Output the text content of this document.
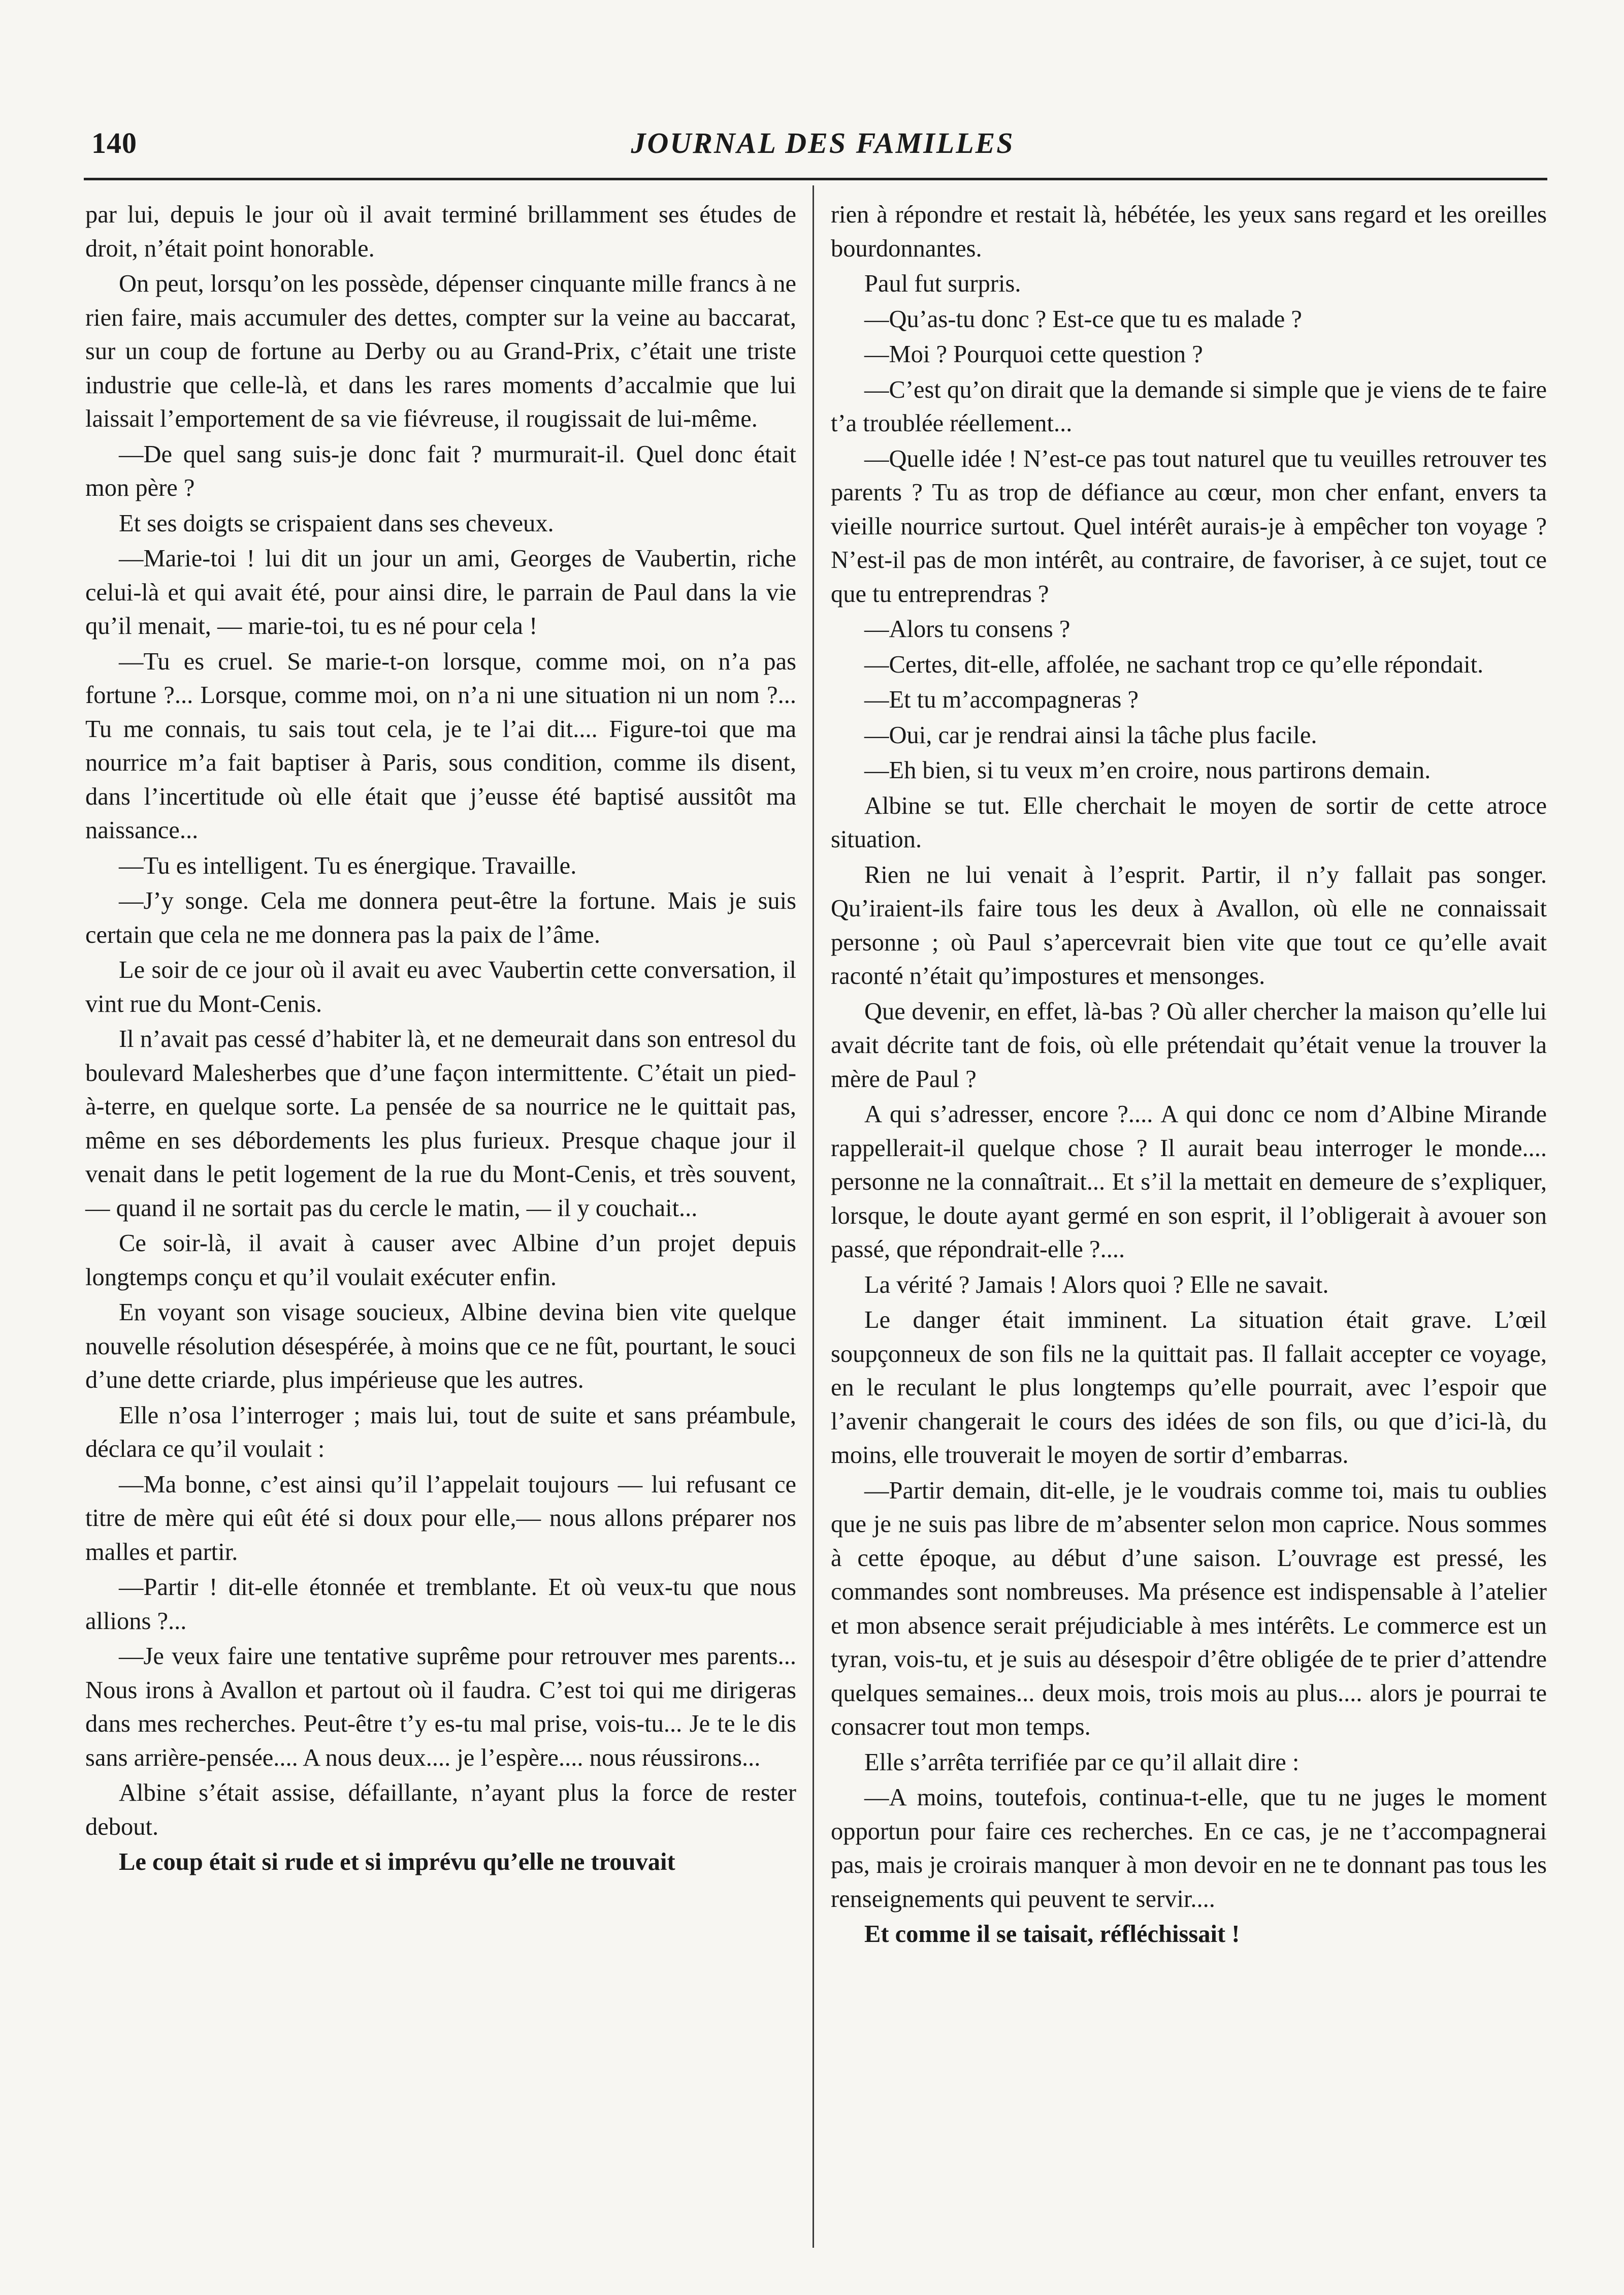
140	JOURNAL DES FAMILLES

par lui, depuis le jour où il avait terminé brillamment ses études de droit, n’était point honorable.

On peut, lorsqu’on les possède, dépenser cinquante mille francs à ne rien faire, mais accumuler des dettes, compter sur la veine au baccarat, sur un coup de fortune au Derby ou au Grand-Prix, c’était une triste industrie que celle-là, et dans les rares moments d’accalmie que lui laissait l’emportement de sa vie fiévreuse, il rougissait de lui-même.

—De quel sang suis-je donc fait ? murmurait-il. Quel donc était mon père ?

Et ses doigts se crispaient dans ses cheveux.

—Marie-toi ! lui dit un jour un ami, Georges de Vaubertin, riche celui-là et qui avait été, pour ainsi dire, le parrain de Paul dans la vie qu’il menait, — marie-toi, tu es né pour cela !

—Tu es cruel. Se marie-t-on lorsque, comme moi, on n’a pas fortune ?... Lorsque, comme moi, on n’a ni une situation ni un nom ?... Tu me connais, tu sais tout cela, je te l’ai dit.... Figure-toi que ma nourrice m’a fait baptiser à Paris, sous condition, comme ils disent, dans l’incertitude où elle était que j’eusse été baptisé aussitôt ma naissance...

—Tu es intelligent. Tu es énergique. Travaille.

—J’y songe. Cela me donnera peut-être la fortune. Mais je suis certain que cela ne me donnera pas la paix de l’âme.

Le soir de ce jour où il avait eu avec Vaubertin cette conversation, il vint rue du Mont-Cenis.

Il n’avait pas cessé d’habiter là, et ne demeurait dans son entresol du boulevard Malesherbes que d’une façon intermittente. C’était un pied-à-terre, en quelque sorte. La pensée de sa nourrice ne le quittait pas, même en ses débordements les plus furieux. Presque chaque jour il venait dans le petit logement de la rue du Mont-Cenis, et très souvent,— quand il ne sortait pas du cercle le matin, — il y couchait...

Ce soir-là, il avait à causer avec Albine d’un projet depuis longtemps conçu et qu’il voulait exécuter enfin.

En voyant son visage soucieux, Albine devina bien vite quelque nouvelle résolution désespérée, à moins que ce ne fût, pourtant, le souci d’une dette criarde, plus impérieuse que les autres.

Elle n’osa l’interroger ; mais lui, tout de suite et sans préambule, déclara ce qu’il voulait :

—Ma bonne, c’est ainsi qu’il l’appelait toujours — lui refusant ce titre de mère qui eût été si doux pour elle,— nous allons préparer nos malles et partir.

—Partir ! dit-elle étonnée et tremblante. Et où veux-tu que nous allions ?...

—Je veux faire une tentative suprême pour retrouver mes parents... Nous irons à Avallon et partout où il faudra. C’est toi qui me dirigeras dans mes recherches. Peut-être t’y es-tu mal prise, vois-tu... Je te le dis sans arrière-pensée.... A nous deux.... je l’espère.... nous réussirons...

Albine s’était assise, défaillante, n’ayant plus la force de rester debout.

Le coup était si rude et si imprévu qu’elle ne trouvait

rien à répondre et restait là, hébétée, les yeux sans regard et les oreilles bourdonnantes.

Paul fut surpris.

—Qu’as-tu donc ? Est-ce que tu es malade ?

—Moi ? Pourquoi cette question ?

—C’est qu’on dirait que la demande si simple que je viens de te faire t’a troublée réellement...

—Quelle idée ! N’est-ce pas tout naturel que tu veuilles retrouver tes parents ? Tu as trop de défiance au cœur, mon cher enfant, envers ta vieille nourrice surtout. Quel intérêt aurais-je à empêcher ton voyage ? N’est-il pas de mon intérêt, au contraire, de favoriser, à ce sujet, tout ce que tu entreprendras ?

—Alors tu consens ?

—Certes, dit-elle, affolée, ne sachant trop ce qu’elle répondait.

—Et tu m’accompagneras ?

—Oui, car je rendrai ainsi la tâche plus facile.

—Eh bien, si tu veux m’en croire, nous partirons demain.

Albine se tut. Elle cherchait le moyen de sortir de cette atroce situation.

Rien ne lui venait à l’esprit. Partir, il n’y fallait pas songer. Qu’iraient-ils faire tous les deux à Avallon, où elle ne connaissait personne ; où Paul s’apercevrait bien vite que tout ce qu’elle avait raconté n’était qu’impostures et mensonges.

Que devenir, en effet, là-bas ? Où aller chercher la maison qu’elle lui avait décrite tant de fois, où elle prétendait qu’était venue la trouver la mère de Paul ?

A qui s’adresser, encore ?.... A qui donc ce nom d’Albine Mirande rappellerait-il quelque chose ? Il aurait beau interroger le monde.... personne ne la connaîtrait... Et s’il la mettait en demeure de s’expliquer, lorsque, le doute ayant germé en son esprit, il l’obligerait à avouer son passé, que répondrait-elle ?....

La vérité ? Jamais ! Alors quoi ? Elle ne savait.

Le danger était imminent. La situation était grave. L’œil soupçonneux de son fils ne la quittait pas. Il fallait accepter ce voyage, en le reculant le plus longtemps qu’elle pourrait, avec l’espoir que l’avenir changerait le cours des idées de son fils, ou que d’ici-là, du moins, elle trouverait le moyen de sortir d’embarras.

—Partir demain, dit-elle, je le voudrais comme toi, mais tu oublies que je ne suis pas libre de m’absenter selon mon caprice. Nous sommes à cette époque, au début d’une saison. L’ouvrage est pressé, les commandes sont nombreuses. Ma présence est indispensable à l’atelier et mon absence serait préjudiciable à mes intérêts. Le commerce est un tyran, vois-tu, et je suis au désespoir d’être obligée de te prier d’attendre quelques semaines... deux mois, trois mois au plus.... alors je pourrai te consacrer tout mon temps.

Elle s’arrêta terrifiée par ce qu’il allait dire :

—A moins, toutefois, continua-t-elle, que tu ne juges le moment opportun pour faire ces recherches. En ce cas, je ne t’accompagnerai pas, mais je croirais manquer à mon devoir en ne te donnant pas tous les renseignements qui peuvent te servir....

Et comme il se taisait, réfléchissait !
